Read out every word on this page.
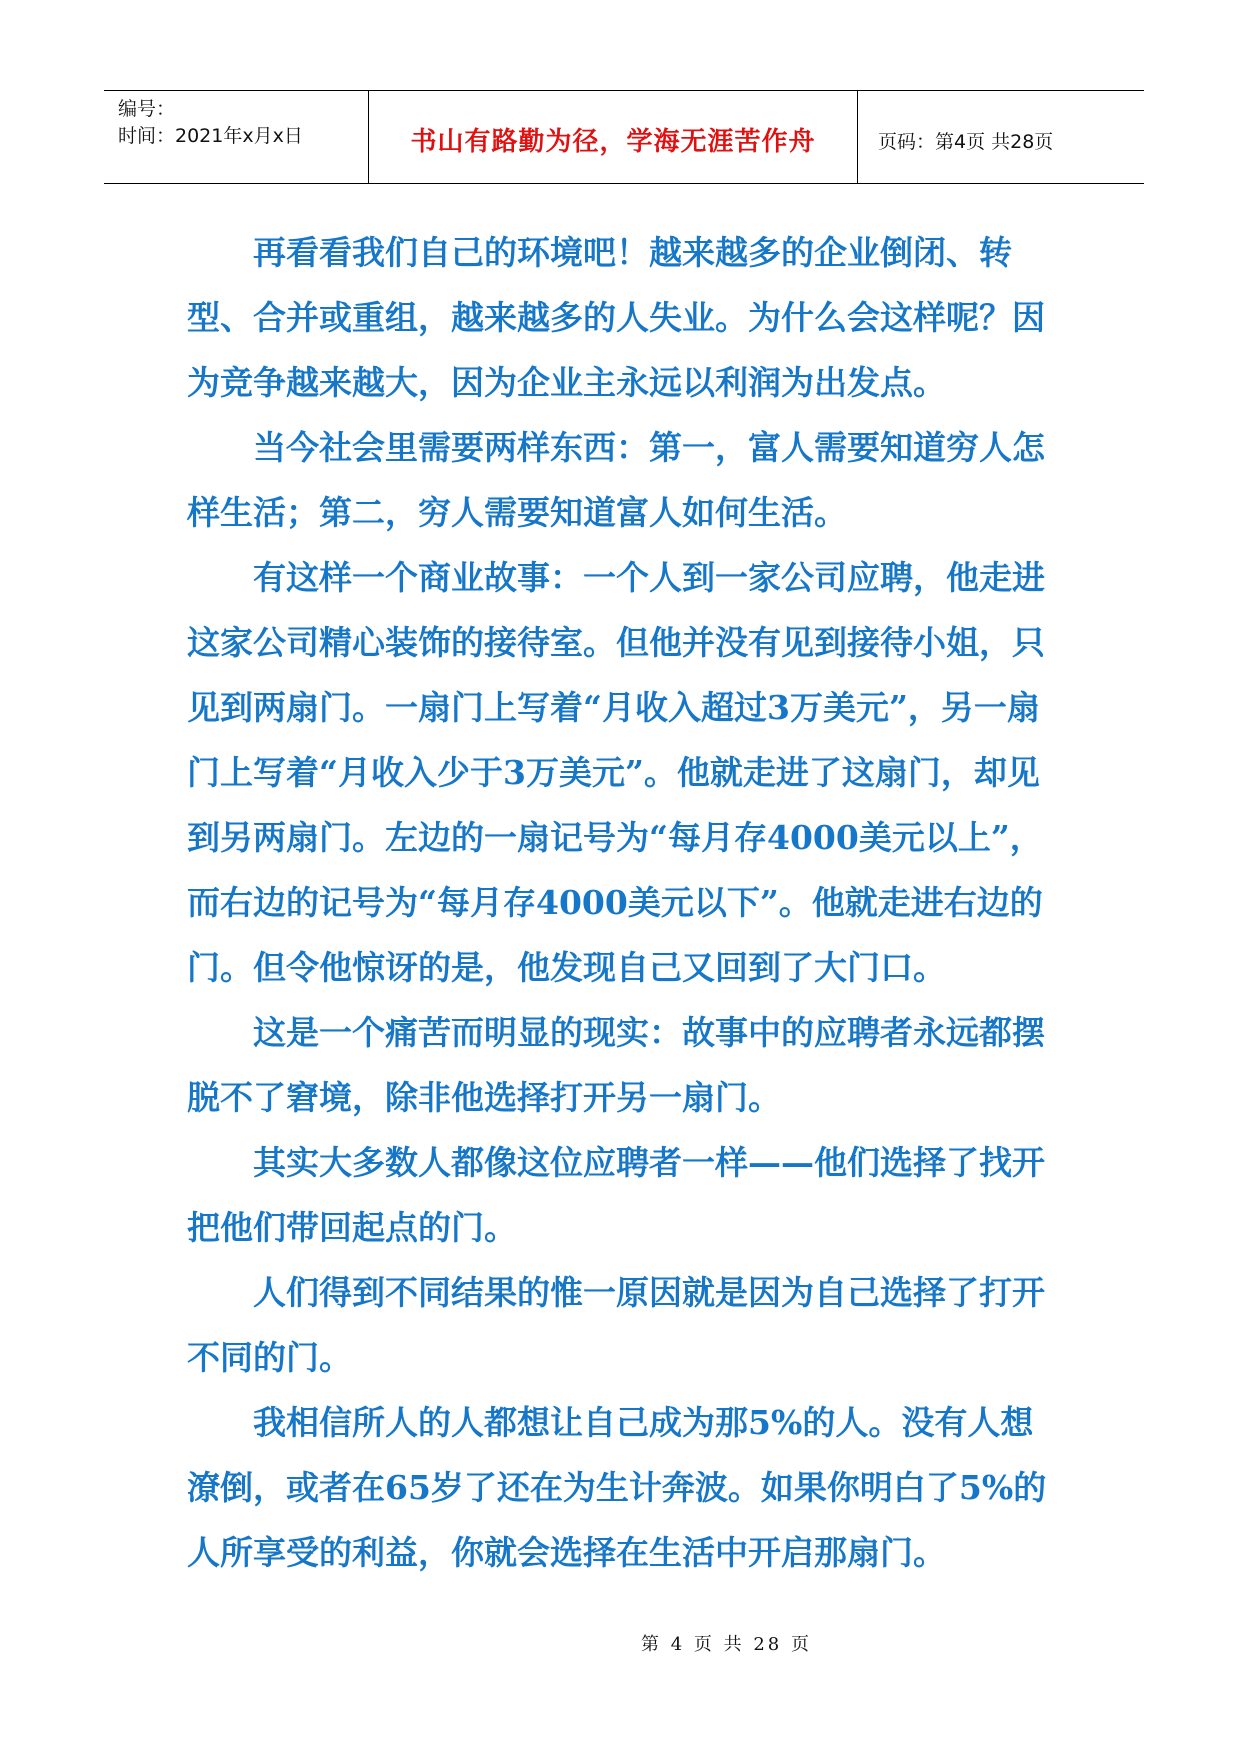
编号：
时间：2021年x月x日	书山有路勤为径，学海无涯苦作舟	页码：第4页 共28页

再看看我们自己的环境吧！越来越多的企业倒闭、转型、合并或重组，越来越多的人失业。为什么会这样呢？因为竞争越来越大，因为企业主永远以利润为出发点。

当今社会里需要两样东西：第一，富人需要知道穷人怎样生活；第二，穷人需要知道富人如何生活。

有这样一个商业故事：一个人到一家公司应聘，他走进这家公司精心装饰的接待室。但他并没有见到接待小姐，只见到两扇门。一扇门上写着“月收入超过3万美元”，另一扇门上写着“月收入少于3万美元”。他就走进了这扇门，却见到另两扇门。左边的一扇记号为“每月存4000美元以上”，而右边的记号为“每月存4000美元以下”。他就走进右边的门。但令他惊讶的是，他发现自己又回到了大门口。

这是一个痛苦而明显的现实：故事中的应聘者永远都摆脱不了窘境，除非他选择打开另一扇门。

其实大多数人都像这位应聘者一样——他们选择了找开把他们带回起点的门。

人们得到不同结果的惟一原因就是因为自己选择了打开不同的门。

我相信所人的人都想让自己成为那5%的人。没有人想潦倒，或者在65岁了还在为生计奔波。如果你明白了5%的人所享受的利益，你就会选择在生活中开启那扇门。

第 4 页 共 28 页
